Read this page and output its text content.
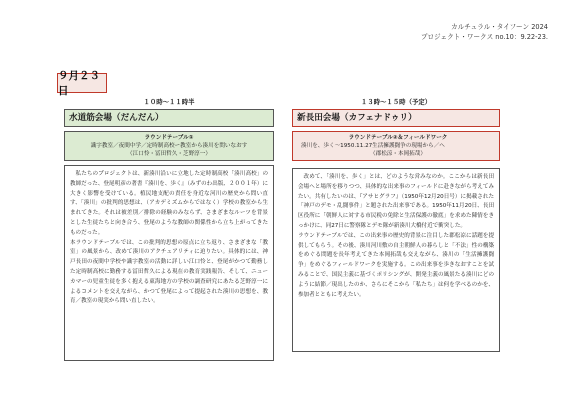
カルチュラル・タイフーン 2024
プロジェクト・ワークス no.10：9.22-23.
９月２３日
１０時〜１１時半
水道筋会場（だんだん）
ラウンドテーブル①
識字教室／夜間中学／定時制高校ー教室から湊川を問いなおす
（江口怜・冨田哲久・芝野淳一）
私たちのプロジェクトは、新湊川沿いに立地した定時制高校「湊川高校」の教師だった、登尾明彦の著書『湊川を、歩く』（みずのわ出版、２００１年）に大きく影響を受けている。植民地支配の責任を身近な河川の歴史から問い直す、「湊川」の批判的思想は、（アカデミズムからではなく）学校の教室から生まれてきた。それは被差別／排除の経験のみならず、さまざまなルーツを背景とした生徒たちと向き合う、登尾のような教師の関係性から立ち上がってきたものだった。
本ラウンドテーブルでは、この批判的思想の原点に立ち返り、さまざまな「教室」の風景から、改めて湊川のアクチュアリティに迫りたい。具体的には、神戸長田の夜間中学校や識字教室の活動に詳しい江口怜と、登尾がかつて勤務した定時制高校に勤務する冨田哲久による現在の教育実践報告、そして、ニューカマーの児童生徒を多く抱える東海地方の学校の調査研究にあたる芝野淳一によるコメントを交えながら、かつて登尾によって提起された湊川の思想を、教育／教室の現実から問い直したい。
１３時〜１５時（予定）
新長田会場（カフェナドゥリ）
ラウンドテーブル②＆フィールドワーク
湊川を、歩く〜1950.11.27生活擁護闘争の現場から／へ
（郡松涼・本岡拓哉）
改めて、「湊川を、歩く」とは、どのような営みなのか。ここからは新長田会場へと場所を移りつつ、具体的な出来事のフィールドに赴きながら考えてみたい。共有したいのは、『アサヒグラフ』（1950年12月20日号）に掲載された「神戸のデモ・乱闘事件」と題された出来事である。1950年11月20日、長田区役所に「朝鮮人に対する市民税の免除と生活保護の徹底」を求めた陳情をきっかけに、同27日に警察隊とデモ隊が新湊川大橋付近で衝突した。
ラウンドテーブルでは、この出来事の歴史的背景に注目した郡松凉に話題を提供してもらう。その後、湊川河川敷の自主朝鮮人の暮らしと「不法」性の構築をめぐる問題を長年考えてきた本岡拓哉も交えながら、湊川の「生活擁護闘争」をめぐるフィールドワークを実施する。この出来事を歩きなおすことを試みることで、国民主義に基づくポリシングが、開発主義の風景たる湊川にどのように結節／現出したのか、さらにそこから「私たち」は何を学べるのかを、参加者とともに考えたい。
